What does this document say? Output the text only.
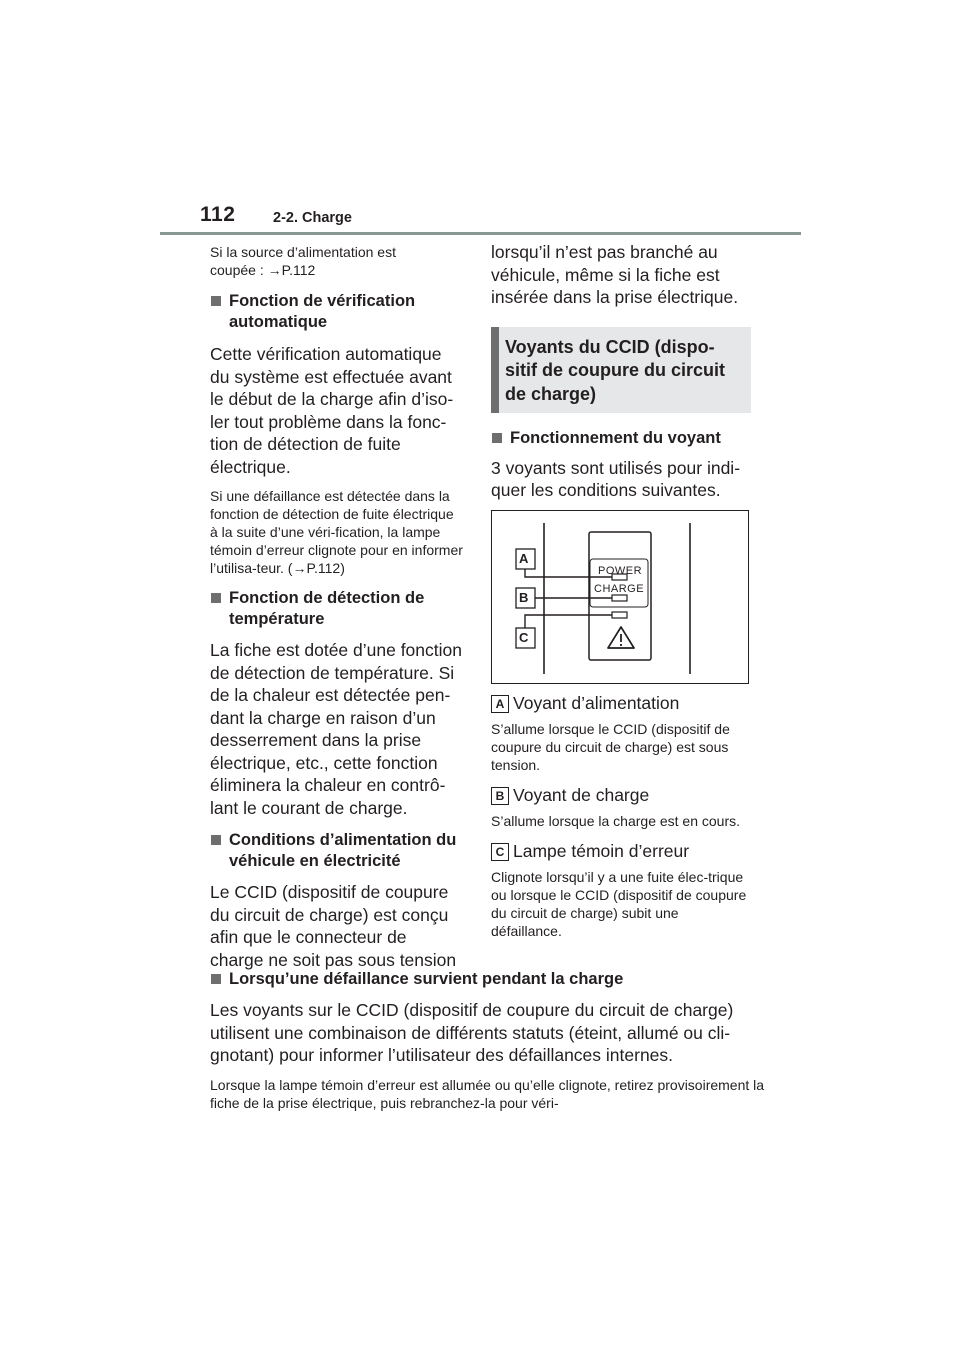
112	2-2. Charge

Si la source d’alimentation est coupée : →P.112

Fonction de vérification automatique

Cette vérification automatique du système est effectuée avant le début de la charge afin d’iso-ler tout problème dans la fonc-tion de détection de fuite électrique.

Si une défaillance est détectée dans la fonction de détection de fuite électrique à la suite d’une véri-fication, la lampe témoin d’erreur clignote pour en informer l’utilisa-teur. (→P.112)

Fonction de détection de température

La fiche est dotée d’une fonction de détection de température. Si de la chaleur est détectée pen-dant la charge en raison d’un desserrement dans la prise électrique, etc., cette fonction éliminera la chaleur en contrô-lant le courant de charge.

Conditions d’alimentation du véhicule en électricité

Le CCID (dispositif de coupure du circuit de charge) est conçu afin que le connecteur de charge ne soit pas sous tension

lorsqu’il n’est pas branché au véhicule, même si la fiche est insérée dans la prise électrique.

Voyants du CCID (dispo-sitif de coupure du circuit de charge)

Fonctionnement du voyant

3 voyants sont utilisés pour indi-quer les conditions suivantes.

POWER
CHARGE
A
B
C
A Voyant d’alimentation

S’allume lorsque le CCID (dispositif de coupure du circuit de charge) est sous tension.

B Voyant de charge

S’allume lorsque la charge est en cours.

C Lampe témoin d’erreur

Clignote lorsqu’il y a une fuite élec-trique ou lorsque le CCID (dispositif de coupure du circuit de charge) subit une défaillance.

Lorsqu’une défaillance survient pendant la charge

Les voyants sur le CCID (dispositif de coupure du circuit de charge) utilisent une combinaison de différents statuts (éteint, allumé ou cli-gnotant) pour informer l’utilisateur des défaillances internes.

Lorsque la lampe témoin d’erreur est allumée ou qu’elle clignote, retirez provisoirement la fiche de la prise électrique, puis rebranchez-la pour véri-
